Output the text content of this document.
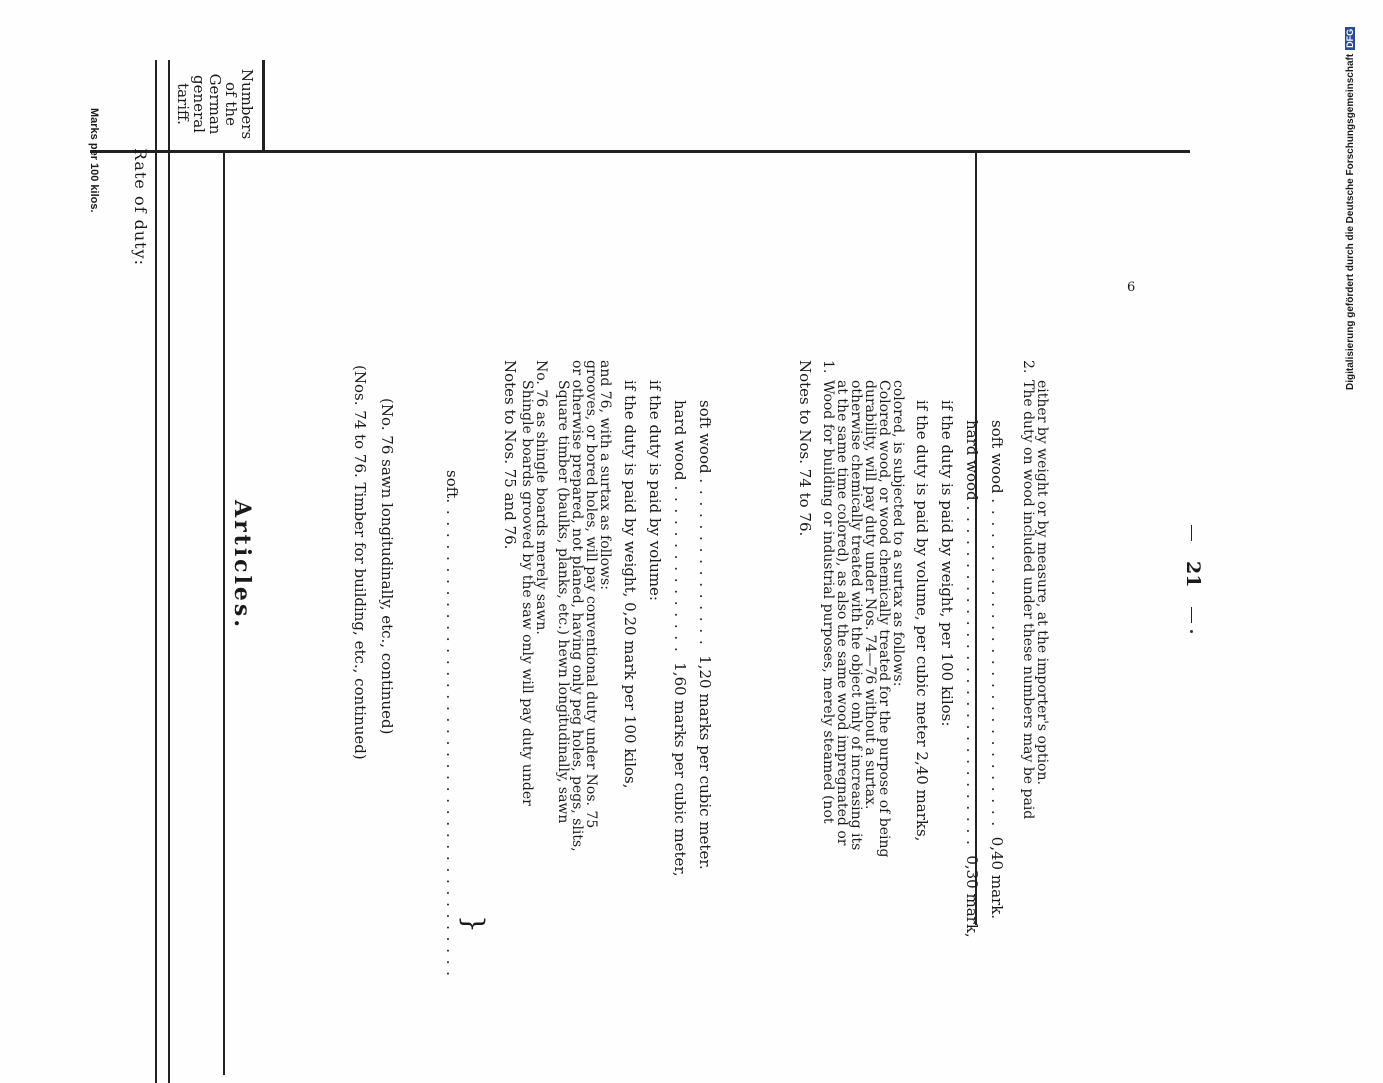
21
Numbers of the German general tariff.
Articles.
Rate of duty:
Marks per 100 kilos.
(Nos. 74 to 76. Timber for building, etc., continued) (No. 76 sawn longitudinally, etc., continued)	soft. . . . . . . . . . . . . . . . . . . . . . . . . . . . . . . . . . . . . . . . . .
}
Notes to Nos. 75 and 76. Shingle boards grooved by the saw only will pay duty under
No. 76 as shingle boards merely sawn. Square timber (baulks, planks, etc.) hewn longitudinally, sawn
or otherwise prepared, not planed, having only peg holes, pegs, slits,
grooves, or bored holes, will pay conventional duty under Nos. 75
and 76, with a surtax as follows: if the duty is paid by weight, 0,20 mark per 100 kilos, if the duty is paid by volume: hard wood . . . . . . . . . . . . . . .  1,60 marks per cubic meter,
soft wood . . . . . . . . . . . . . . .  1,20 marks per cubic meter.
Notes to Nos. 74 to 76. 1.
Wood for building or industrial purposes, merely steamed (not
at the same time colored), as also the same wood impregnated or
otherwise chemically treated with the object only of increasing its
durability, will pay duty under Nos. 74—76 without a surtax.
Colored wood, or wood chemically treated for the purpose of being
colored, is subjected to a surtax as follows: if the duty is paid by volume, per cubic meter 2,40 marks, if the duty is paid by weight, per 100 kilos: hard wood . . . . . . . . . . . . . . . . . . . . . . . . . . . . . .  0,30 mark,
soft wood . . . . . . . . . . . . . . . . . . . . . . . . . . . . .  0,40 mark.
2.
The duty on wood included under these numbers may be paid
either by weight or by measure, at the importer's option.
6	Digitalisierung gefördert durch die Deutsche ForschungsgemeinschaftDFG
